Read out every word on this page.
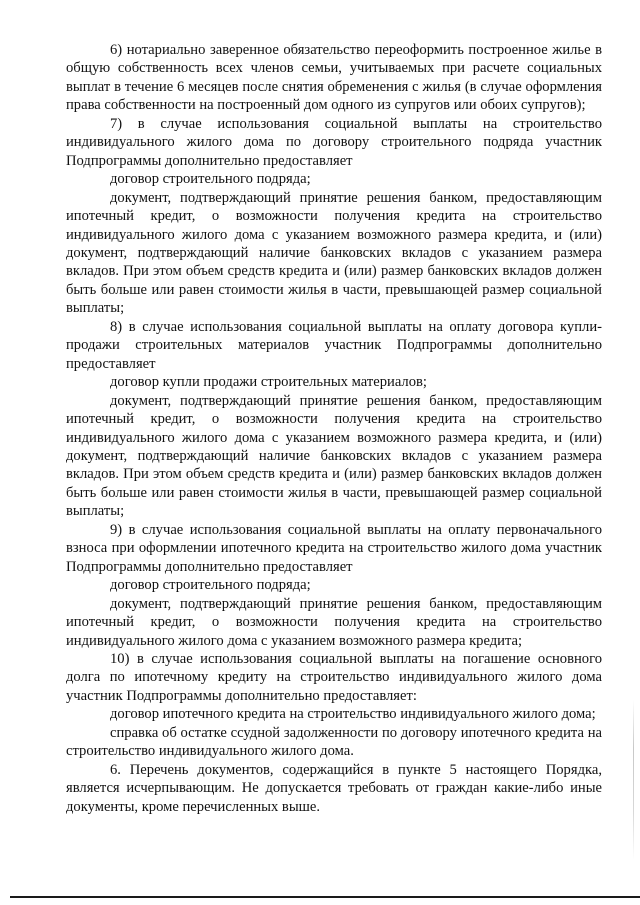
6) нотариально заверенное обязательство переоформить построенное жилье в общую собственность всех членов семьи, учитываемых при расчете социальных выплат в течение 6 месяцев после снятия обременения с жилья (в случае оформления права собственности на построенный дом одного из супругов или обоих супругов);

7) в случае использования социальной выплаты на строительство индивидуального жилого дома по договору строительного подряда участник Подпрограммы дополнительно предоставляет

договор строительного подряда;

документ, подтверждающий принятие решения банком, предоставляющим ипотечный кредит, о возможности получения кредита на строительство индивидуального жилого дома с указанием возможного размера кредита, и (или) документ, подтверждающий наличие банковских вкладов с указанием размера вкладов. При этом объем средств кредита и (или) размер банковских вкладов должен быть больше или равен стоимости жилья в части, превышающей размер социальной выплаты;

8) в случае использования социальной выплаты на оплату договора купли-продажи строительных материалов участник Подпрограммы дополнительно предоставляет

договор купли продажи строительных материалов;

документ, подтверждающий принятие решения банком, предоставляющим ипотечный кредит, о возможности получения кредита на строительство индивидуального жилого дома с указанием возможного размера кредита, и (или) документ, подтверждающий наличие банковских вкладов с указанием размера вкладов. При этом объем средств кредита и (или) размер банковских вкладов должен быть больше или равен стоимости жилья в части, превышающей размер социальной выплаты;

9) в случае использования социальной выплаты на оплату первоначального взноса при оформлении ипотечного кредита на строительство жилого дома участник Подпрограммы дополнительно предоставляет

договор строительного подряда;

документ, подтверждающий принятие решения банком, предоставляющим ипотечный кредит, о возможности получения кредита на строительство индивидуального жилого дома с указанием возможного размера кредита;

10) в случае использования социальной выплаты на погашение основного долга по ипотечному кредиту на строительство индивидуального жилого дома участник Подпрограммы дополнительно предоставляет:

договор ипотечного кредита на строительство индивидуального жилого дома;

справка об остатке ссудной задолженности по договору ипотечного кредита на строительство индивидуального жилого дома.

6. Перечень документов, содержащийся в пункте 5 настоящего Порядка, является исчерпывающим. Не допускается требовать от граждан какие-либо иные документы, кроме перечисленных выше.
